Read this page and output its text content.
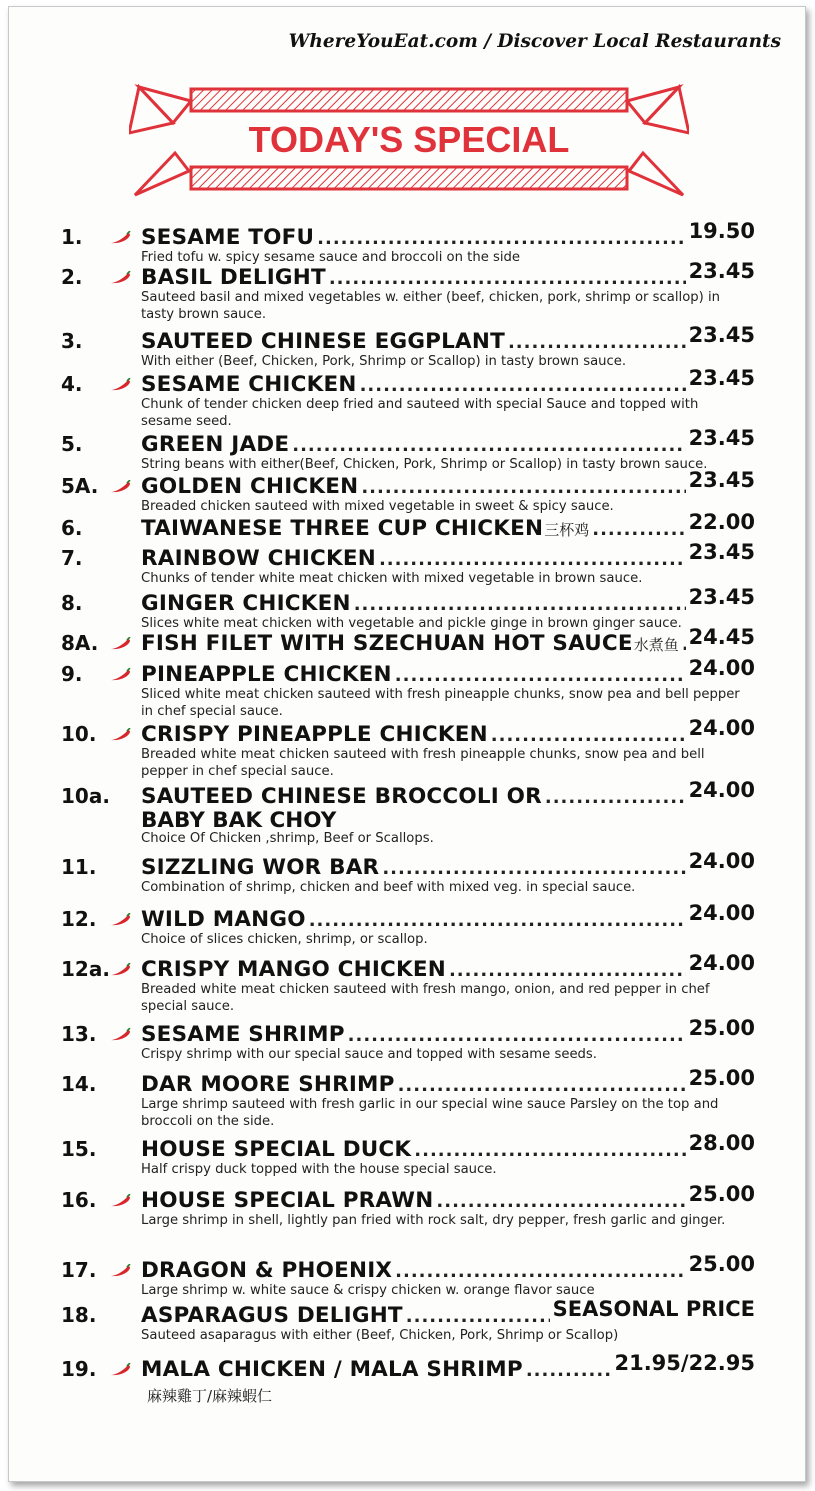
WhereYouEat.com / Discover Local Restaurants
TODAY'S SPECIAL
1.	SESAME TOFU .....	19.50
Fried tofu w. spicy sesame sauce and broccoli on the side
2.	BASIL DELIGHT .....	23.45
Sauteed basil and mixed vegetables w. either (beef, chicken, pork, shrimp or scallop) in tasty brown sauce.
3.	SAUTEED CHINESE EGGPLANT .....	23.45
With either (Beef, Chicken, Pork, Shrimp or Scallop) in tasty brown sauce.
4.	SESAME CHICKEN .....	23.45
Chunk of tender chicken deep fried and sauteed with special Sauce and topped with sesame seed.
5.	GREEN JADE .....	23.45
String beans with either(Beef, Chicken, Pork, Shrimp or Scallop) in tasty brown sauce.
5A.	GOLDEN CHICKEN .....	23.45
Breaded chicken sauteed with mixed vegetable in sweet & spicy sauce.
6.	TAIWANESE THREE CUP CHICKEN 三杯鸡 .....	22.00
7.	RAINBOW CHICKEN .....	23.45
Chunks of tender white meat chicken with mixed vegetable in brown sauce.
8.	GINGER CHICKEN .....	23.45
Slices white meat chicken with vegetable and pickle ginge in brown ginger sauce.
8A.	FISH FILET WITH SZECHUAN HOT SAUCE 水煮鱼 ..... 24.45
9.	PINEAPPLE CHICKEN .....	24.00
Sliced white meat chicken sauteed with fresh pineapple chunks, snow pea and bell pepper in chef special sauce.
10.	CRISPY PINEAPPLE CHICKEN .....	24.00
Breaded white meat chicken sauteed with fresh pineapple chunks, snow pea and bell pepper in chef special sauce.
10a.	SAUTEED CHINESE BROCCOLI OR .....	24.00
BABY BAK CHOY
Choice Of Chicken ,shrimp, Beef or Scallops.
11.	SIZZLING WOR BAR .....	24.00
Combination of shrimp, chicken and beef with mixed veg. in special sauce.
12.	WILD MANGO .....	24.00
Choice of slices chicken, shrimp, or scallop.
12a.	CRISPY MANGO CHICKEN .....	24.00
Breaded white meat chicken sauteed with fresh mango, onion, and red pepper in chef special sauce.
13.	SESAME SHRIMP .....	25.00
Crispy shrimp with our special sauce and topped with sesame seeds.
14.	DAR MOORE SHRIMP .....	25.00
Large shrimp sauteed with fresh garlic in our special wine sauce Parsley on the top and broccoli on the side.
15.	HOUSE SPECIAL DUCK .....	28.00
Half crispy duck topped with the house special sauce.
16.	HOUSE SPECIAL PRAWN .....	25.00
Large shrimp in shell, lightly pan fried with rock salt, dry pepper, fresh garlic and ginger.
17.	DRAGON & PHOENIX .....	25.00
Large shrimp w. white sauce & crispy chicken w. orange flavor sauce
18.	ASPARAGUS DELIGHT .....	SEASONAL PRICE
Sauteed asaparagus with either (Beef, Chicken, Pork, Shrimp or Scallop)
19.	MALA CHICKEN / MALA SHRIMP .....	21.95/22.95
麻辣雞丁/麻辣蝦仁
